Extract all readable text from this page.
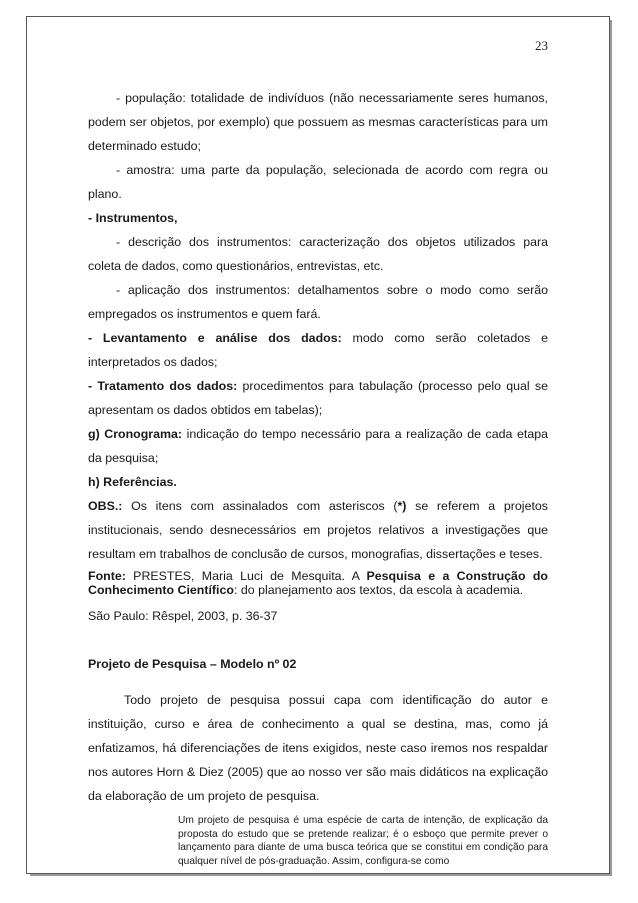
23

- população: totalidade de indivíduos (não necessariamente seres humanos, podem ser objetos, por exemplo) que possuem as mesmas características para um determinado estudo;

- amostra: uma parte da população, selecionada de acordo com regra ou plano.

- Instrumentos,

- descrição dos instrumentos: caracterização dos objetos utilizados para coleta de dados, como questionários, entrevistas, etc.

- aplicação dos instrumentos: detalhamentos sobre o modo como serão empregados os instrumentos e quem fará.

- Levantamento e análise dos dados: modo como serão coletados e interpretados os dados;

- Tratamento dos dados: procedimentos para tabulação (processo pelo qual se apresentam os dados obtidos em tabelas);

g) Cronograma: indicação do tempo necessário para a realização de cada etapa da pesquisa;

h) Referências.

OBS.: Os itens com assinalados com asteriscos (*) se referem a projetos institucionais, sendo desnecessários em projetos relativos a investigações que resultam em trabalhos de conclusão de cursos, monografias, dissertações e teses.

Fonte: PRESTES, Maria Luci de Mesquita. A Pesquisa e a Construção do Conhecimento Científico: do planejamento aos textos, da escola à academia.

São Paulo: Rêspel, 2003, p. 36-37

Projeto de Pesquisa – Modelo nº 02

Todo projeto de pesquisa possui capa com identificação do autor e instituição, curso e área de conhecimento a qual se destina, mas, como já enfatizamos, há diferenciações de itens exigidos, neste caso iremos nos respaldar nos autores Horn & Diez (2005) que ao nosso ver são mais didáticos na explicação da elaboração de um projeto de pesquisa.

Um projeto de pesquisa é uma espécie de carta de intenção, de explicação da proposta do estudo que se pretende realizar; é o esboço que permite prever o lançamento para diante de uma busca teórica que se constitui em condição para qualquer nível de pós-graduação. Assim, configura-se como
